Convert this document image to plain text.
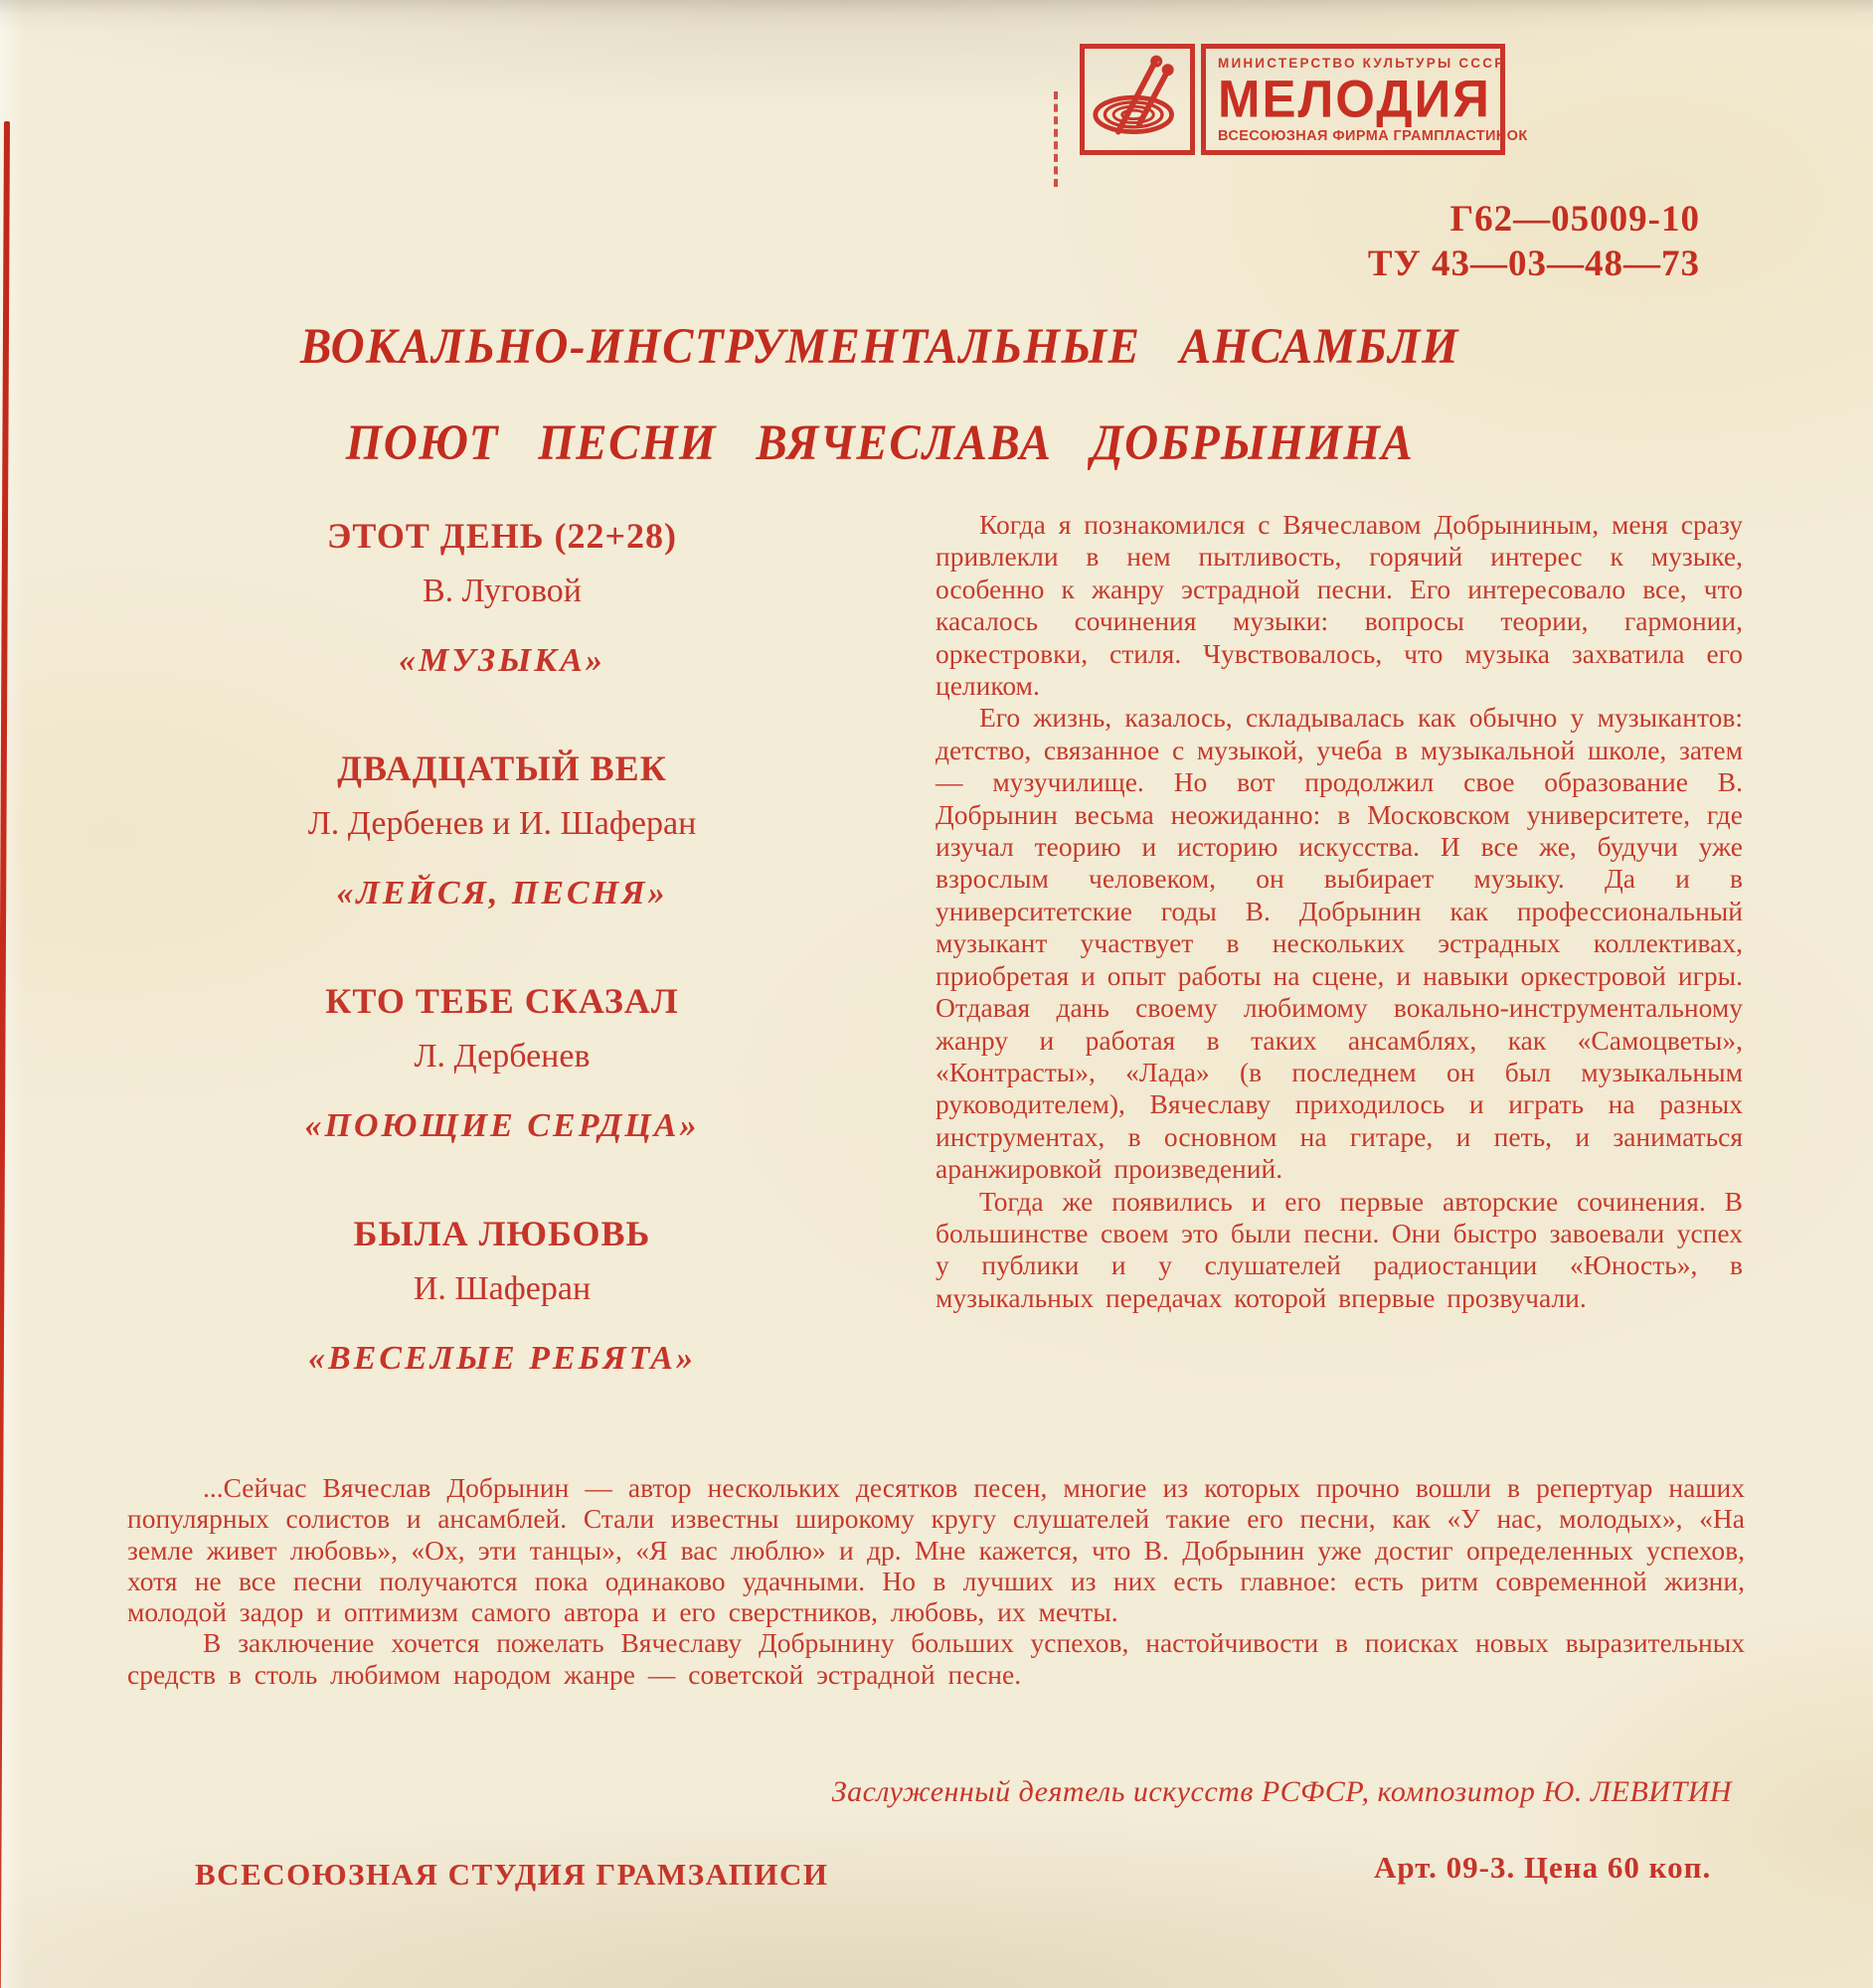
МИНИСТЕРСТВО КУЛЬТУРЫ СССР
МЕЛОДИЯ
ВСЕСОЮЗНАЯ ФИРМА ГРАМПЛАСТИНОК
Г62—05009-10
ТУ 43—03—48—73
ВОКАЛЬНО-ИНСТРУМЕНТАЛЬНЫЕ АНСАМБЛИ
ПОЮТ ПЕСНИ ВЯЧЕСЛАВА ДОБРЫНИНА
ЭТОТ ДЕНЬ (22+28)
В. Луговой
«МУЗЫКА»
ДВАДЦАТЫЙ ВЕК
Л. Дербенев и И. Шаферан
«ЛЕЙСЯ, ПЕСНЯ»
КТО ТЕБЕ СКАЗАЛ
Л. Дербенев
«ПОЮЩИЕ СЕРДЦА»
БЫЛА ЛЮБОВЬ
И. Шаферан
«ВЕСЕЛЫЕ РЕБЯТА»

Когда я познакомился с Вячеславом Добрыниным, меня сразу привлекли в нем пытливость, горячий интерес к музыке, особенно к жанру эстрадной песни. Его интересовало все, что касалось сочинения музыки: вопросы теории, гармонии, оркестровки, стиля. Чувствовалось, что музыка захватила его целиком.

Его жизнь, казалось, складывалась как обычно у музыкантов: детство, связанное с музыкой, учеба в музыкальной школе, затем — музучилище. Но вот продолжил свое образование В. Добрынин весьма неожиданно: в Московском университете, где изучал теорию и историю искусства. И все же, будучи уже взрослым человеком, он выбирает музыку. Да и в университетские годы В. Добрынин как профессиональный музыкант участвует в нескольких эстрадных коллективах, приобретая и опыт работы на сцене, и навыки оркестровой игры. Отдавая дань своему любимому вокально-инструментальному жанру и работая в таких ансамблях, как «Самоцветы», «Контрасты», «Лада» (в последнем он был музыкальным руководителем), Вячеславу приходилось и играть на разных инструментах, в основном на гитаре, и петь, и заниматься аранжировкой произведений.

Тогда же появились и его первые авторские сочинения. В большинстве своем это были песни. Они быстро завоевали успех у публики и у слушателей радиостанции «Юность», в музыкальных передачах которой впервые прозвучали.

...Сейчас Вячеслав Добрынин — автор нескольких десятков песен, многие из которых прочно вошли в репертуар наших популярных солистов и ансамблей. Стали известны широкому кругу слушателей такие его песни, как «У нас, молодых», «На земле живет любовь», «Ох, эти танцы», «Я вас люблю» и др. Мне кажется, что В. Добрынин уже достиг определенных успехов, хотя не все песни получаются пока одинаково удачными. Но в лучших из них есть главное: есть ритм современной жизни, молодой задор и оптимизм самого автора и его сверстников, любовь, их мечты.

В заключение хочется пожелать Вячеславу Добрынину больших успехов, настойчивости в поисках новых выразительных средств в столь любимом народом жанре — советской эстрадной песне.

Заслуженный деятель искусств РСФСР, композитор Ю. ЛЕВИТИН
ВСЕСОЮЗНАЯ СТУДИЯ ГРАМЗАПИСИ	Арт. 09-3. Цена 60 коп.
